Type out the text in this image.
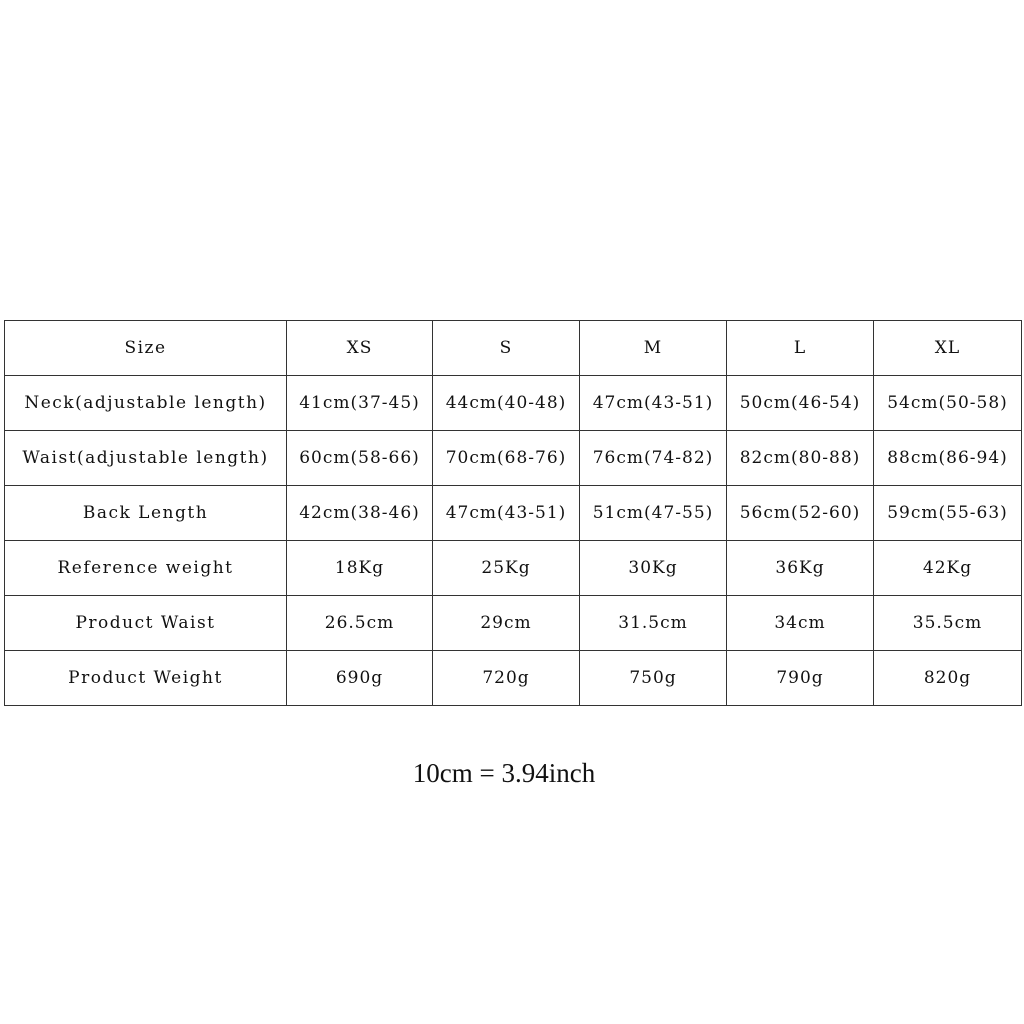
Size	XS	S	M	L	XL
Neck(adjustable length)	41cm(37-45)	44cm(40-48)	47cm(43-51)	50cm(46-54)	54cm(50-58)
Waist(adjustable length)	60cm(58-66)	70cm(68-76)	76cm(74-82)	82cm(80-88)	88cm(86-94)
Back Length	42cm(38-46)	47cm(43-51)	51cm(47-55)	56cm(52-60)	59cm(55-63)
Reference weight	18Kg	25Kg	30Kg	36Kg	42Kg
Product Waist	26.5cm	29cm	31.5cm	34cm	35.5cm
Product Weight	690g	720g	750g	790g	820g
10cm = 3.94inch
